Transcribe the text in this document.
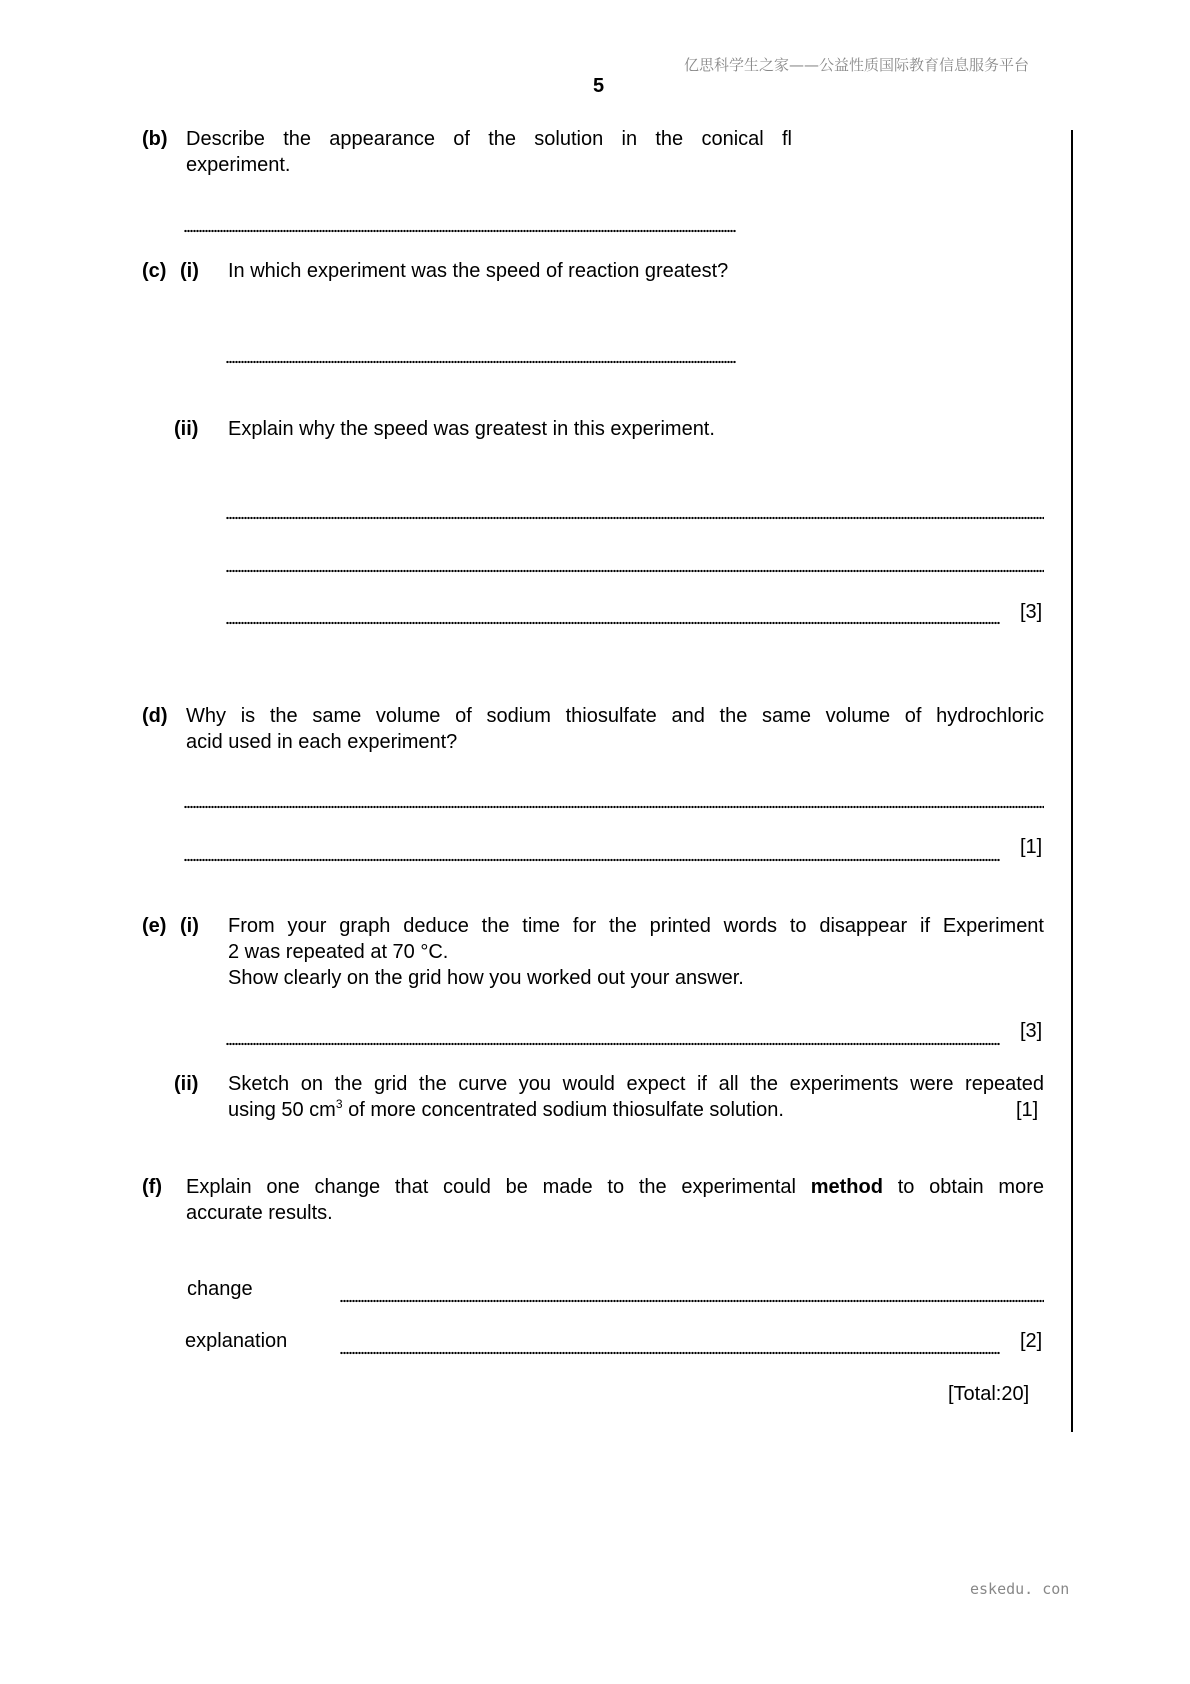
亿思科学生之家——公益性质国际教育信息服务平台
5
(b) Describe the appearance of the solution in the conical fl
experiment.
(c) (i) In which experiment was the speed of reaction greatest?
(ii) Explain why the speed was greatest in this experiment.
[3]
(d) Why is the same volume of sodium thiosulfate and the same volume of hydrochloric
acid used in each experiment?
[1]
(e) (i) From your graph deduce the time for the printed words to disappear if Experiment
2 was repeated at 70 °C.
Show clearly on the grid how you worked out your answer.
[3]
(ii) Sketch on the grid the curve you would expect if all the experiments were repeated
using 50 $cm^3$ of more concentrated sodium thiosulfate solution.	[1]
(f) Explain one change that could be made to the experimental method to obtain more
accurate results.
change
explanation	[2]
[Total:20]
eskedu. con
